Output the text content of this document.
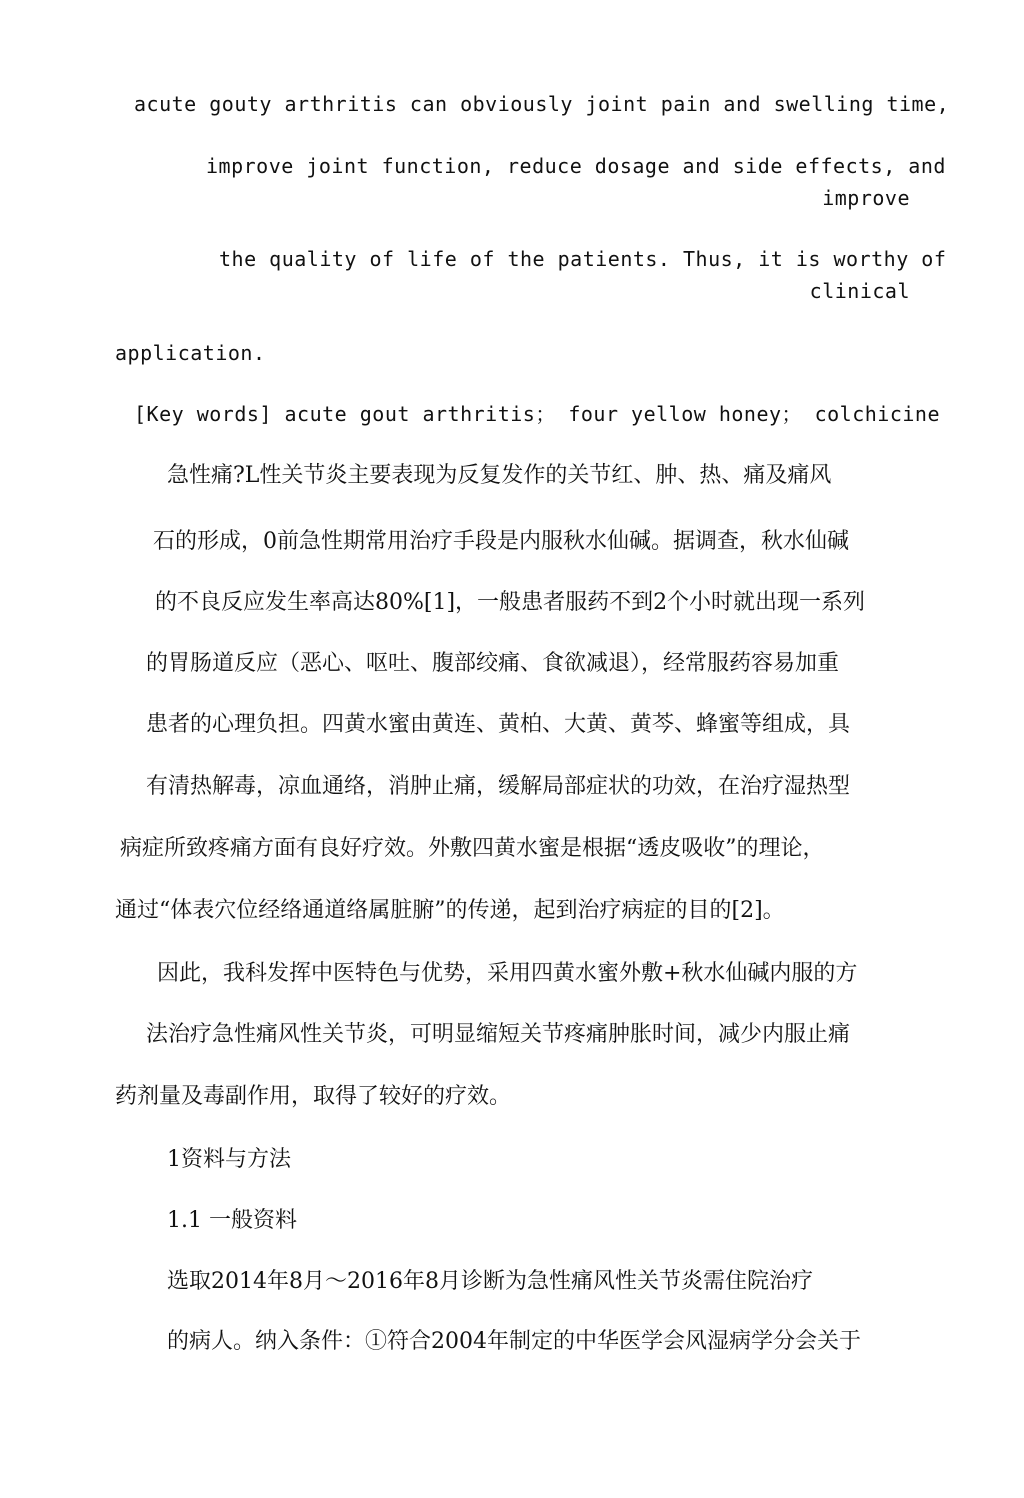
acute gouty arthritis can obviously joint pain and swelling time,
improve joint function, reduce dosage and side effects, and
improve
the quality of life of the patients. Thus, it is worthy of
clinical
application.
[Key words] acute gout arthritis； four yellow honey； colchicine
急性痛?L性关节炎主要表现为反复发作的关节红、肿、热、痛及痛风
石的形成，0前急性期常用治疗手段是内服秋水仙碱。据调查，秋水仙碱
的不良反应发生率高达80%[1]，一般患者服药不到2个小时就出现一系列
的胃肠道反应（恶心、呕吐、腹部绞痛、食欲减退），经常服药容易加重
患者的心理负担。四黄水蜜由黄连、黄柏、大黄、黄芩、蜂蜜等组成，具
有清热解毒，凉血通络，消肿止痛，缓解局部症状的功效，在治疗湿热型
病症所致疼痛方面有良好疗效。外敷四黄水蜜是根据“透皮吸收”的理论，
通过“体表穴位经络通道络属脏腑”的传递，起到治疗病症的目的[2]。
因此，我科发挥中医特色与优势，采用四黄水蜜外敷+秋水仙碱内服的方
法治疗急性痛风性关节炎，可明显缩短关节疼痛肿胀时间，减少内服止痛
药剂量及毒副作用，取得了较好的疗效。
1资料与方法
1.1 一般资料
选取2014年8月～2016年8月诊断为急性痛风性关节炎需住院治疗
的病人。纳入条件：①符合2004年制定的中华医学会风湿病学分会关于
